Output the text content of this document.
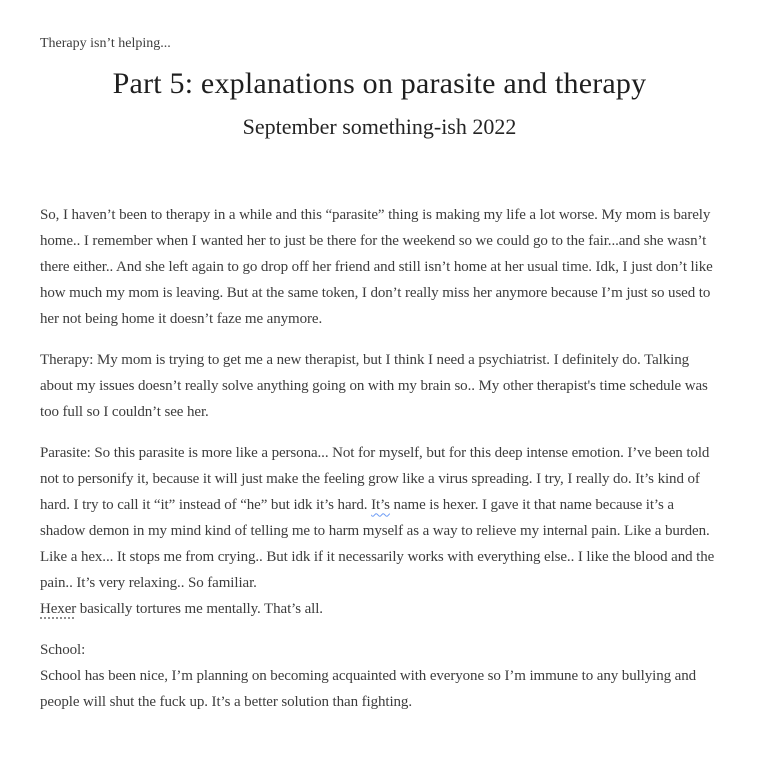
Therapy isn’t helping...
Part 5: explanations on parasite and therapy
September something-ish 2022

So, I haven’t been to therapy in a while and this “parasite” thing is making my life a lot worse. My mom is barely home.. I remember when I wanted her to just be there for the weekend so we could go to the fair...and she wasn’t there either.. And she left again to go drop off her friend and still isn’t home at her usual time. Idk, I just don’t like how much my mom is leaving. But at the same token, I don’t really miss her anymore because I’m just so used to her not being home it doesn’t faze me anymore.

Therapy: My mom is trying to get me a new therapist, but I think I need a psychiatrist. I definitely do. Talking about my issues doesn’t really solve anything going on with my brain so.. My other therapist's time schedule was too full so I couldn’t see her.

Parasite: So this parasite is more like a persona... Not for myself, but for this deep intense emotion. I’ve been told not to personify it, because it will just make the feeling grow like a virus spreading. I try, I really do. It’s kind of hard. I try to call it “it” instead of “he” but idk it’s hard. It’s name is hexer. I gave it that name because it’s a shadow demon in my mind kind of telling me to harm myself as a way to relieve my internal pain. Like a burden. Like a hex... It stops me from crying.. But idk if it necessarily works with everything else.. I like the blood and the pain.. It’s very relaxing.. So familiar.
Hexer basically tortures me mentally. That’s all.

School:
School has been nice, I’m planning on becoming acquainted with everyone so I’m immune to any bullying and people will shut the fuck up. It’s a better solution than fighting.
